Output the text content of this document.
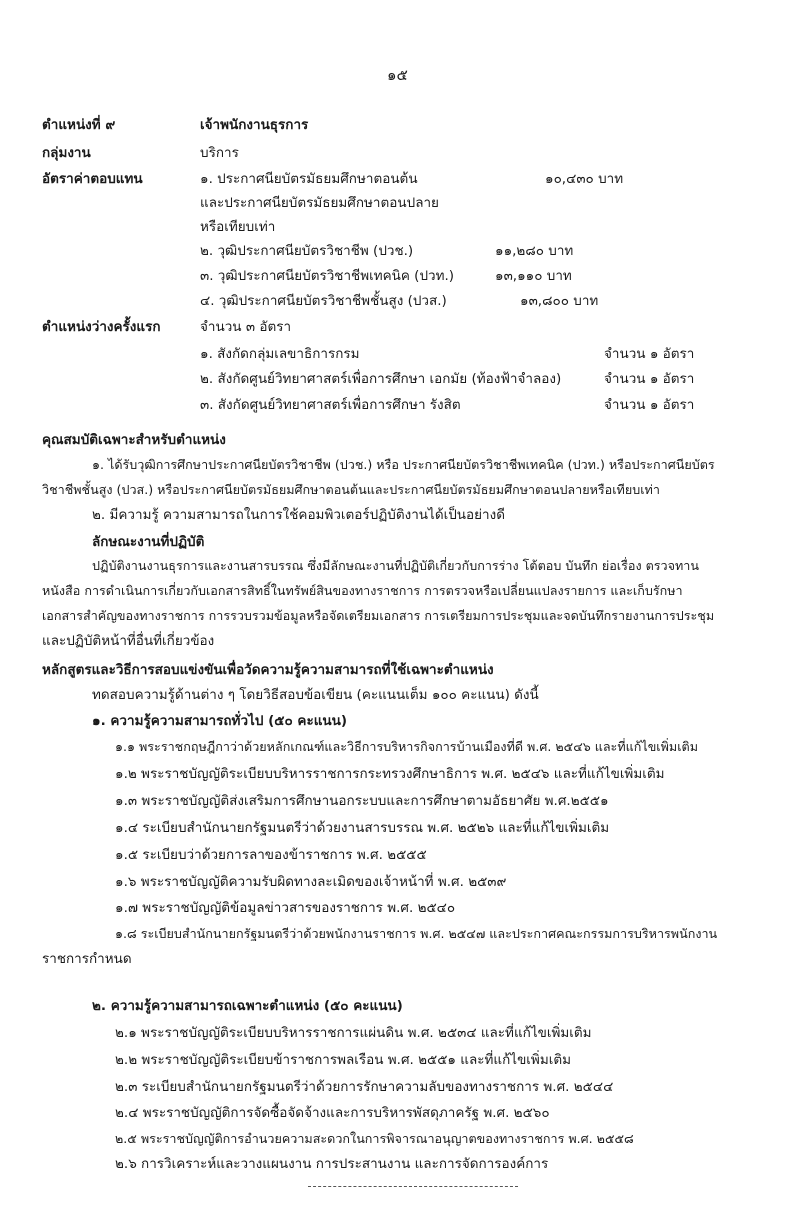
๑๕
ตำแหน่งที่ ๙	เจ้าพนักงานธุรการ
กลุ่มงาน	บริการ
อัตราค่าตอบแทน	๑. ประกาศนียบัตรมัธยมศึกษาตอนต้น	๑๐,๔๓๐ บาท
และประกาศนียบัตรมัธยมศึกษาตอนปลาย
หรือเทียบเท่า
๒. วุฒิประกาศนียบัตรวิชาชีพ (ปวช.)	๑๑,๒๘๐ บาท
๓. วุฒิประกาศนียบัตรวิชาชีพเทคนิค (ปวท.)	๑๓,๑๑๐ บาท
๔. วุฒิประกาศนียบัตรวิชาชีพชั้นสูง (ปวส.)	๑๓,๘๐๐ บาท
ตำแหน่งว่างครั้งแรก	จำนวน ๓ อัตรา
๑. สังกัดกลุ่มเลขาธิการกรม	จำนวน ๑ อัตรา
๒. สังกัดศูนย์วิทยาศาสตร์เพื่อการศึกษา เอกมัย (ท้องฟ้าจำลอง)	จำนวน ๑ อัตรา
๓. สังกัดศูนย์วิทยาศาสตร์เพื่อการศึกษา รังสิต	จำนวน ๑ อัตรา
คุณสมบัติเฉพาะสำหรับตำแหน่ง
๑. ได้รับวุฒิการศึกษาประกาศนียบัตรวิชาชีพ (ปวช.) หรือ ประกาศนียบัตรวิชาชีพเทคนิค (ปวท.) หรือประกาศนียบัตร
วิชาชีพชั้นสูง (ปวส.) หรือประกาศนียบัตรมัธยมศึกษาตอนต้นและประกาศนียบัตรมัธยมศึกษาตอนปลายหรือเทียบเท่า
๒. มีความรู้ ความสามารถในการใช้คอมพิวเตอร์ปฏิบัติงานได้เป็นอย่างดี
ลักษณะงานที่ปฏิบัติ
ปฏิบัติงานงานธุรการและงานสารบรรณ ซึ่งมีลักษณะงานที่ปฏิบัติเกี่ยวกับการร่าง โต้ตอบ บันทึก ย่อเรื่อง ตรวจทาน
หนังสือ การดำเนินการเกี่ยวกับเอกสารสิทธิ์ในทรัพย์สินของทางราชการ การตรวจหรือเปลี่ยนแปลงรายการ และเก็บรักษา
เอกสารสำคัญของทางราชการ การรวบรวมข้อมูลหรือจัดเตรียมเอกสาร การเตรียมการประชุมและจดบันทึกรายงานการประชุม
และปฏิบัติหน้าที่อื่นที่เกี่ยวข้อง
หลักสูตรและวิธีการสอบแข่งขันเพื่อวัดความรู้ความสามารถที่ใช้เฉพาะตำแหน่ง
ทดสอบความรู้ด้านต่าง ๆ โดยวิธีสอบข้อเขียน (คะแนนเต็ม ๑๐๐ คะแนน) ดังนี้
๑. ความรู้ความสามารถทั่วไป (๕๐ คะแนน)
๑.๑ พระราชกฤษฎีกาว่าด้วยหลักเกณฑ์และวิธีการบริหารกิจการบ้านเมืองที่ดี พ.ศ. ๒๕๔๖ และที่แก้ไขเพิ่มเติม
๑.๒ พระราชบัญญัติระเบียบบริหารราชการกระทรวงศึกษาธิการ พ.ศ. ๒๕๔๖ และที่แก้ไขเพิ่มเติม
๑.๓ พระราชบัญญัติส่งเสริมการศึกษานอกระบบและการศึกษาตามอัธยาศัย พ.ศ.๒๕๕๑
๑.๔ ระเบียบสำนักนายกรัฐมนตรีว่าด้วยงานสารบรรณ พ.ศ. ๒๕๒๖ และที่แก้ไขเพิ่มเติม
๑.๕ ระเบียบว่าด้วยการลาของข้าราชการ พ.ศ. ๒๕๕๕
๑.๖ พระราชบัญญัติความรับผิดทางละเมิดของเจ้าหน้าที่ พ.ศ. ๒๕๓๙
๑.๗ พระราชบัญญัติข้อมูลข่าวสารของราชการ พ.ศ. ๒๕๔๐
๑.๘ ระเบียบสำนักนายกรัฐมนตรีว่าด้วยพนักงานราชการ พ.ศ. ๒๕๔๗ และประกาศคณะกรรมการบริหารพนักงาน
ราชการกำหนด
๒. ความรู้ความสามารถเฉพาะตำแหน่ง (๕๐ คะแนน)
๒.๑ พระราชบัญญัติระเบียบบริหารราชการแผ่นดิน พ.ศ. ๒๕๓๔ และที่แก้ไขเพิ่มเติม
๒.๒ พระราชบัญญัติระเบียบข้าราชการพลเรือน พ.ศ. ๒๕๕๑ และที่แก้ไขเพิ่มเติม
๒.๓ ระเบียบสำนักนายกรัฐมนตรีว่าด้วยการรักษาความลับของทางราชการ พ.ศ. ๒๕๔๔
๒.๔ พระราชบัญญัติการจัดซื้อจัดจ้างและการบริหารพัสดุภาครัฐ พ.ศ. ๒๕๖๐
๒.๕ พระราชบัญญัติการอำนวยความสะดวกในการพิจารณาอนุญาตของทางราชการ พ.ศ. ๒๕๕๘
๒.๖ การวิเคราะห์และวางแผนงาน การประสานงาน และการจัดการองค์การ
